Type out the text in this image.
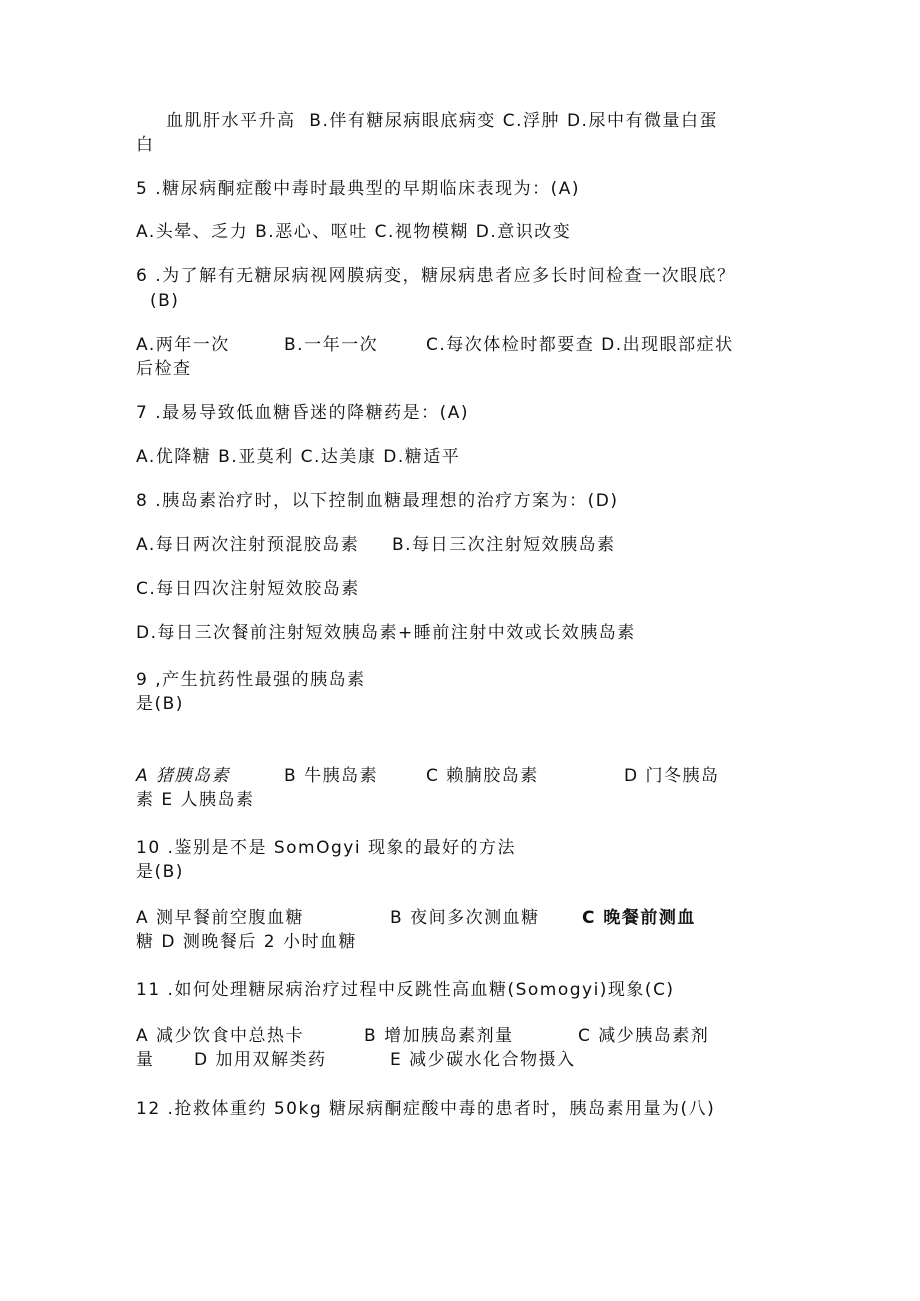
血肌肝水平升高  B.伴有糖尿病眼底病变 C.浮肿 D.尿中有微量白蛋
白
5 .糖尿病酮症酸中毒时最典型的早期临床表现为：(A)
A.头晕、乏力 B.恶心、呕吐 C.视物模糊 D.意识改变
6 .为了解有无糖尿病视网膜病变，糖尿病患者应多长时间检查一次眼底？
(B)

A.两年一次

	B.一年一次

	C.每次体检时都要查 D.出现眼部症状

后检查
7 .最易导致低血糖昏迷的降糖药是：(A)
A.优降糖 B.亚莫利 C.达美康 D.糖适平
8 .胰岛素治疗时，以下控制血糖最理想的治疗方案为：(D)

A.每日两次注射预混胶岛素

B.每日三次注射短效胰岛素

C.每日四次注射短效胶岛素
D.每日三次餐前注射短效胰岛素+睡前注射中效或长效胰岛素
9 ,产生抗药性最强的胰岛素
是(B)

A 猪胰岛素

	B 牛胰岛素

	C 赖腩胶岛素

	D 门冬胰岛

素 E 人胰岛素
10 .鉴别是不是 SomOgyi 现象的最好的方法
是(B)

A 测早餐前空腹血糖

	B 夜间多次测血糖

C 晚餐前测血

糖 D 测晚餐后 2 小时血糖
11 .如何处理糖尿病治疗过程中反跳性高血糖(Somogyi)现象(C)

A 减少饮食中总热卡

	B 增加胰岛素剂量

	C 减少胰岛素剂

量

D 加用双解类药

	E 减少碳水化合物摄入

12 .抢救体重约 50kg 糖尿病酮症酸中毒的患者时，胰岛素用量为(八)
